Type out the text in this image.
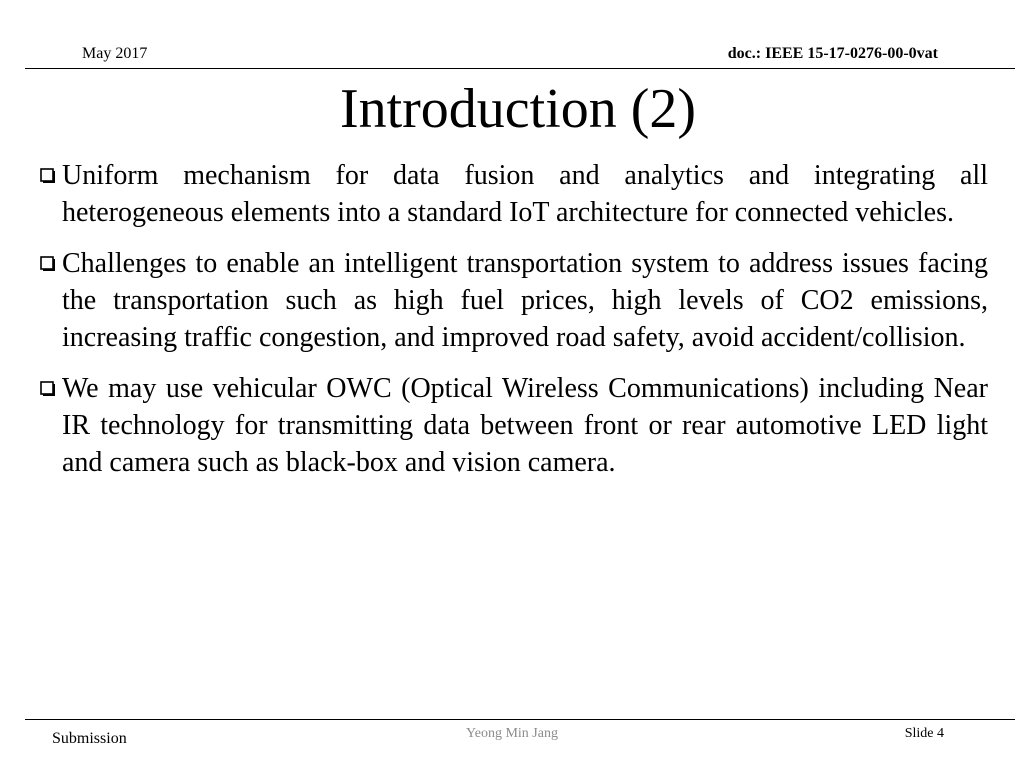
May 2017	doc.: IEEE 15-17-0276-00-0vat
Introduction (2)
Uniform mechanism for data fusion and analytics and integrating all heterogeneous elements into a standard IoT architecture for connected vehicles.
Challenges to enable an intelligent transportation system to address issues facing the transportation such as high fuel prices, high levels of CO2 emissions, increasing traffic congestion, and improved road safety, avoid accident/collision.
We may use vehicular OWC (Optical Wireless Communications) including Near IR technology for transmitting data between front or rear automotive LED light and camera such as black-box and vision camera.
Submission	Yeong Min Jang	Slide 4
